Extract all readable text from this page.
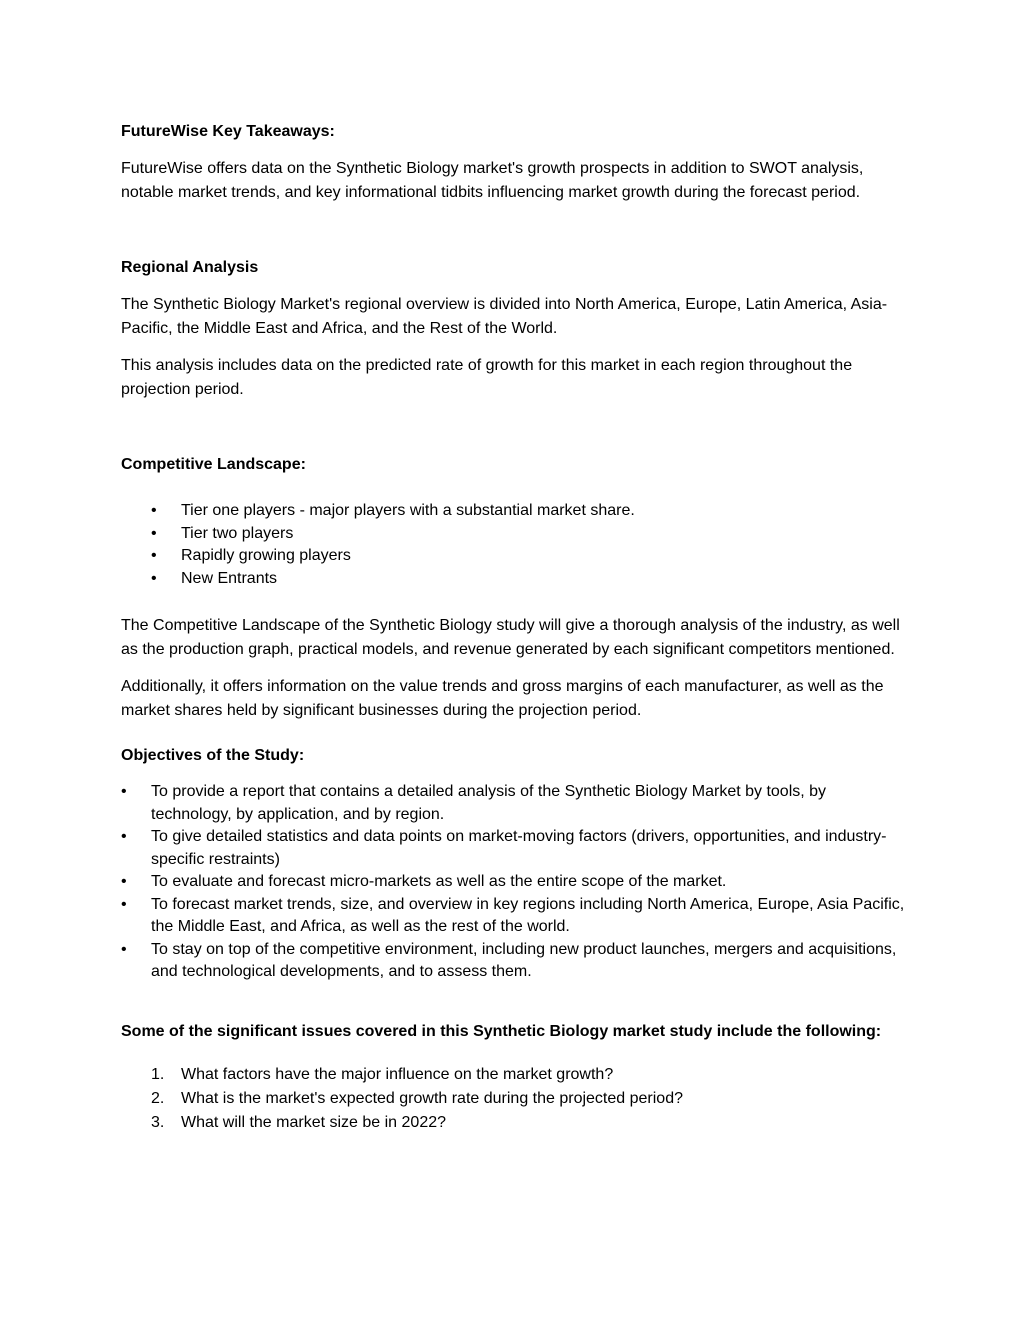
FutureWise Key Takeaways:

FutureWise offers data on the Synthetic Biology market's growth prospects in addition to SWOT analysis, notable market trends, and key informational tidbits influencing market growth during the forecast period.

Regional Analysis

The Synthetic Biology Market's regional overview is divided into North America, Europe, Latin America, Asia-Pacific, the Middle East and Africa, and the Rest of the World.

This analysis includes data on the predicted rate of growth for this market in each region throughout the projection period.

Competitive Landscape:

• Tier one players - major players with a substantial market share.
• Tier two players
• Rapidly growing players
• New Entrants

The Competitive Landscape of the Synthetic Biology study will give a thorough analysis of the industry, as well as the production graph, practical models, and revenue generated by each significant competitors mentioned.

Additionally, it offers information on the value trends and gross margins of each manufacturer, as well as the market shares held by significant businesses during the projection period.

Objectives of the Study:

• To provide a report that contains a detailed analysis of the Synthetic Biology Market by tools, by technology, by application, and by region.
• To give detailed statistics and data points on market-moving factors (drivers, opportunities, and industry-specific restraints)
• To evaluate and forecast micro-markets as well as the entire scope of the market.
• To forecast market trends, size, and overview in key regions including North America, Europe, Asia Pacific, the Middle East, and Africa, as well as the rest of the world.
• To stay on top of the competitive environment, including new product launches, mergers and acquisitions, and technological developments, and to assess them.

Some of the significant issues covered in this Synthetic Biology market study include the following:

1. What factors have the major influence on the market growth?
2. What is the market's expected growth rate during the projected period?
3. What will the market size be in 2022?
